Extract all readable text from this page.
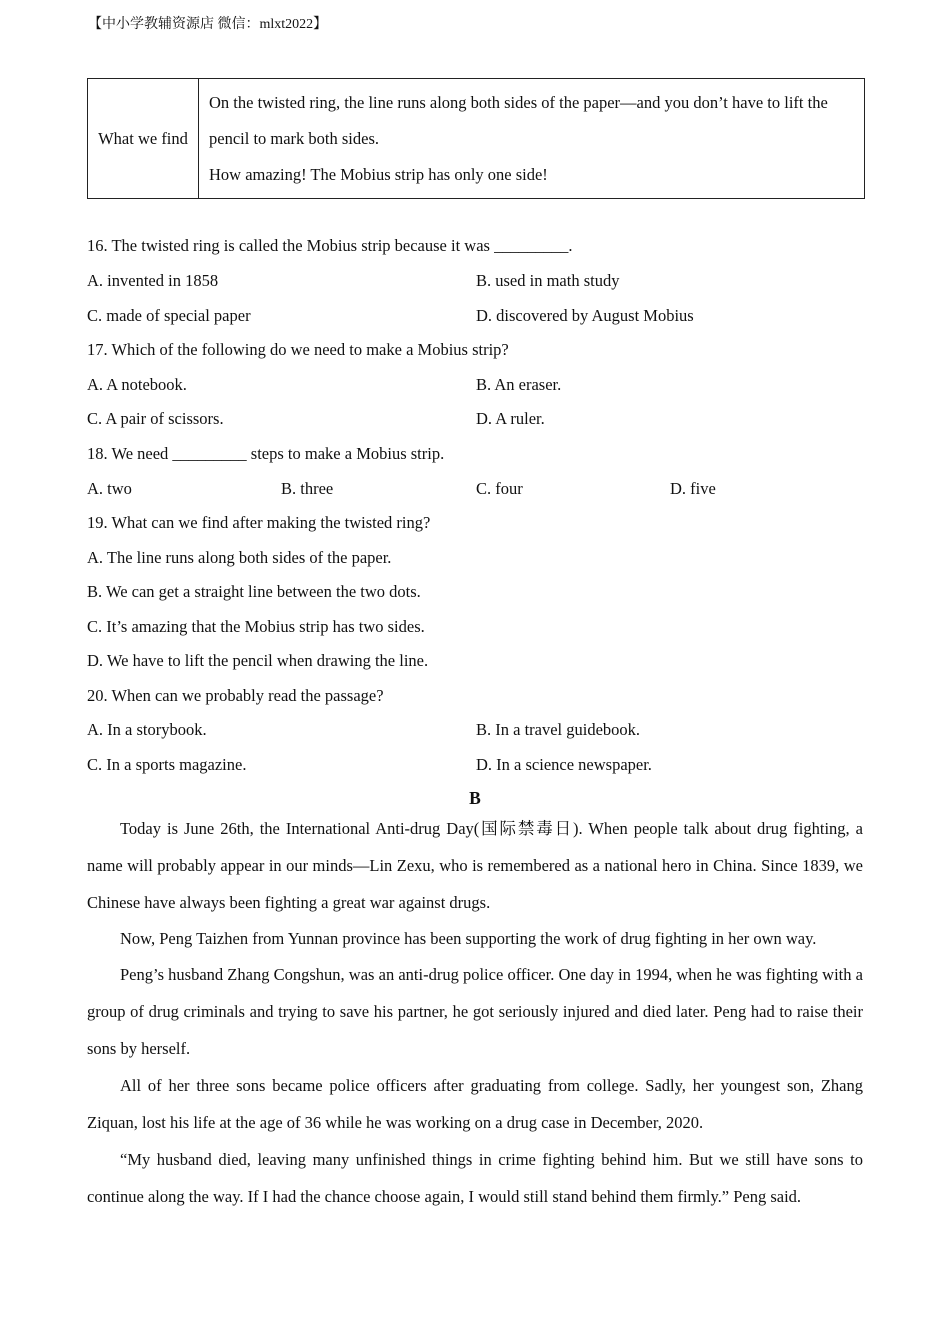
【中小学教辅资源店 微信：mlxt2022】
What we find	

On the twisted ring, the line runs along both sides of the paper—and you don’t have to lift the pencil to mark both sides.

How amazing! The Mobius strip has only one side!

16. The twisted ring is called the Mobius strip because it was _________.
A. invented in 1858	B. used in math study
C. made of special paper	D. discovered by August Mobius
17. Which of the following do we need to make a Mobius strip?
A. A notebook.	B. An eraser.
C. A pair of scissors.	D. A ruler.
18. We need _________ steps to make a Mobius strip.
A. two	B. three	C. four	D. five
19. What can we find after making the twisted ring?
A. The line runs along both sides of the paper.
B. We can get a straight line between the two dots.
C. It’s amazing that the Mobius strip has two sides.
D. We have to lift the pencil when drawing the line.
20. When can we probably read the passage?
A. In a storybook.	B. In a travel guidebook.
C. In a sports magazine.	D. In a science newspaper.
B

Today is June 26th, the International Anti-drug Day(国际禁毒日). When people talk about drug fighting, a name will probably appear in our minds—Lin Zexu, who is remembered as a national hero in China. Since 1839, we Chinese have always been fighting a great war against drugs.

Now, Peng Taizhen from Yunnan province has been supporting the work of drug fighting in her own way.

Peng’s husband Zhang Congshun, was an anti-drug police officer. One day in 1994, when he was fighting with a group of drug criminals and trying to save his partner, he got seriously injured and died later. Peng had to raise their sons by herself.

All of her three sons became police officers after graduating from college. Sadly, her youngest son, Zhang Ziquan, lost his life at the age of 36 while he was working on a drug case in December, 2020.

“My husband died, leaving many unfinished things in crime fighting behind him. But we still have sons to continue along the way. If I had the chance choose again, I would still stand behind them firmly.” Peng said.
